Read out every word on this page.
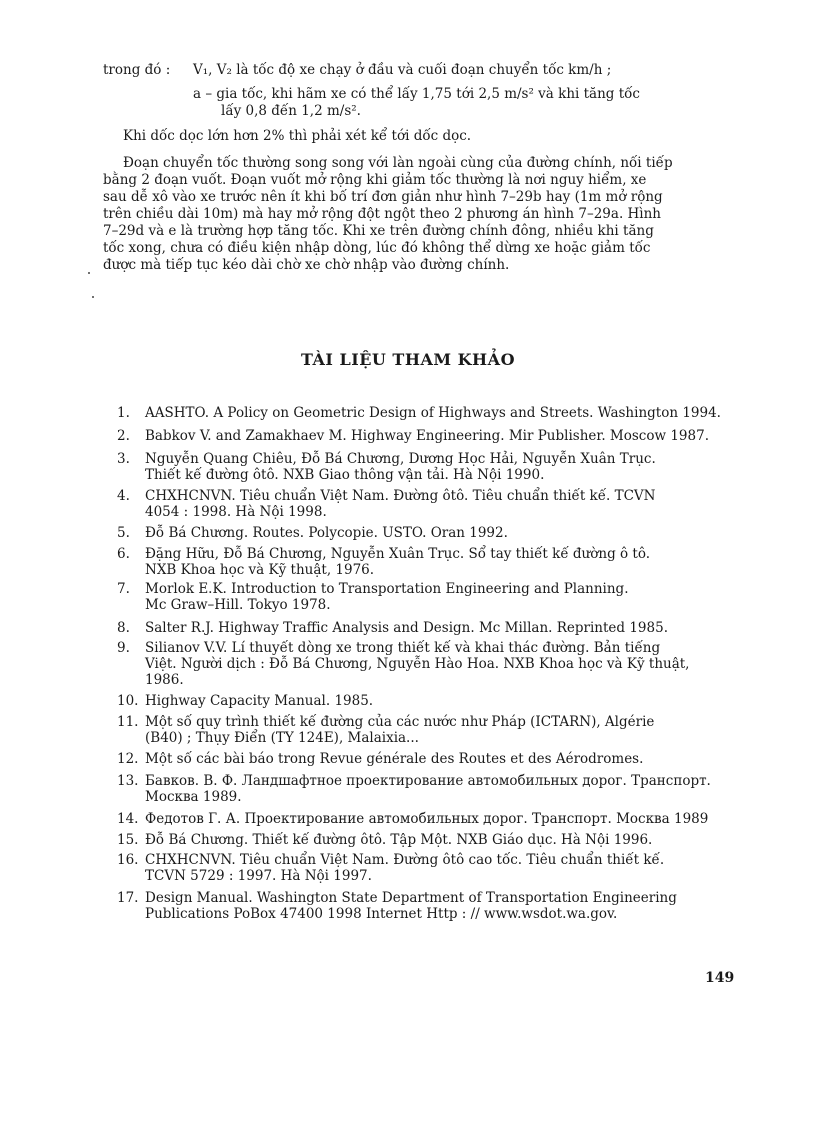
trong đó : V₁, V₂ là tốc độ xe chạy ở đầu và cuối đoạn chuyển tốc km/h ;
a – gia tốc, khi hãm xe có thể lấy 1,75 tới 2,5 m/s² và khi tăng tốc
lấy 0,8 đến 1,2 m/s².
Khi dốc dọc lớn hơn 2% thì phải xét kể tới dốc dọc.
Đoạn chuyển tốc thường song song với làn ngoài cùng của đường chính, nối tiếp
bằng 2 đoạn vuốt. Đoạn vuốt mở rộng khi giảm tốc thường là nơi nguy hiểm, xe
sau dễ xô vào xe trước nên ít khi bố trí đơn giản như hình 7–29b hay (1m mở rộng
trên chiều dài 10m) mà hay mở rộng đột ngột theo 2 phương án hình 7–29a. Hình
7–29d và e là trường hợp tăng tốc. Khi xe trên đường chính đông, nhiều khi tăng
tốc xong, chưa có điều kiện nhập dòng, lúc đó không thể dừng xe hoặc giảm tốc
được mà tiếp tục kéo dài chờ xe chờ nhập vào đường chính.
TÀI LIỆU THAM KHẢO
1. AASHTO. A Policy on Geometric Design of Highways and Streets. Washington 1994.
2. Babkov V. and Zamakhaev M. Highway Engineering. Mir Publisher. Moscow 1987.
3. Nguyễn Quang Chiêu, Đỗ Bá Chương, Dương Học Hải, Nguyễn Xuân Trục.
Thiết kế đường ôtô. NXB Giao thông vận tải. Hà Nội 1990.
4. CHXHCNVN. Tiêu chuẩn Việt Nam. Đường ôtô. Tiêu chuẩn thiết kế. TCVN
4054 : 1998. Hà Nội 1998.
5. Đỗ Bá Chương. Routes. Polycopie. USTO. Oran 1992.
6. Đặng Hữu, Đỗ Bá Chương, Nguyễn Xuân Trục. Sổ tay thiết kế đường ô tô.
NXB Khoa học và Kỹ thuật, 1976.
7. Morlok E.K. Introduction to Transportation Engineering and Planning.
Mc Graw–Hill. Tokyo 1978.
8. Salter R.J. Highway Traffic Analysis and Design. Mc Millan. Reprinted 1985.
9. Silianov V.V. Lí thuyết dòng xe trong thiết kế và khai thác đường. Bản tiếng
Việt. Người dịch : Đỗ Bá Chương, Nguyễn Hào Hoa. NXB Khoa học và Kỹ thuật,
1986.
10. Highway Capacity Manual. 1985.
11. Một số quy trình thiết kế đường của các nước như Pháp (ICTARN), Algérie
(B40) ; Thụy Điển (TY 124E), Malaixia...
12. Một số các bài báo trong Revue générale des Routes et des Aérodromes.
13. Бавков. В. Ф. Ландшафтное проектирование автомобильных дорог. Транспорт.
Москва 1989.
14. Федотов Г. А. Проектирование автомобильных дорог. Транспорт. Москва 1989
15. Đỗ Bá Chương. Thiết kế đường ôtô. Tập Một. NXB Giáo dục. Hà Nội 1996.
16. CHXHCNVN. Tiêu chuẩn Việt Nam. Đường ôtô cao tốc. Tiêu chuẩn thiết kế.
TCVN 5729 : 1997. Hà Nội 1997.
17. Design Manual. Washington State Department of Transportation Engineering
Publications PoBox 47400 1998 Internet Http : // www.wsdot.wa.gov.
149
